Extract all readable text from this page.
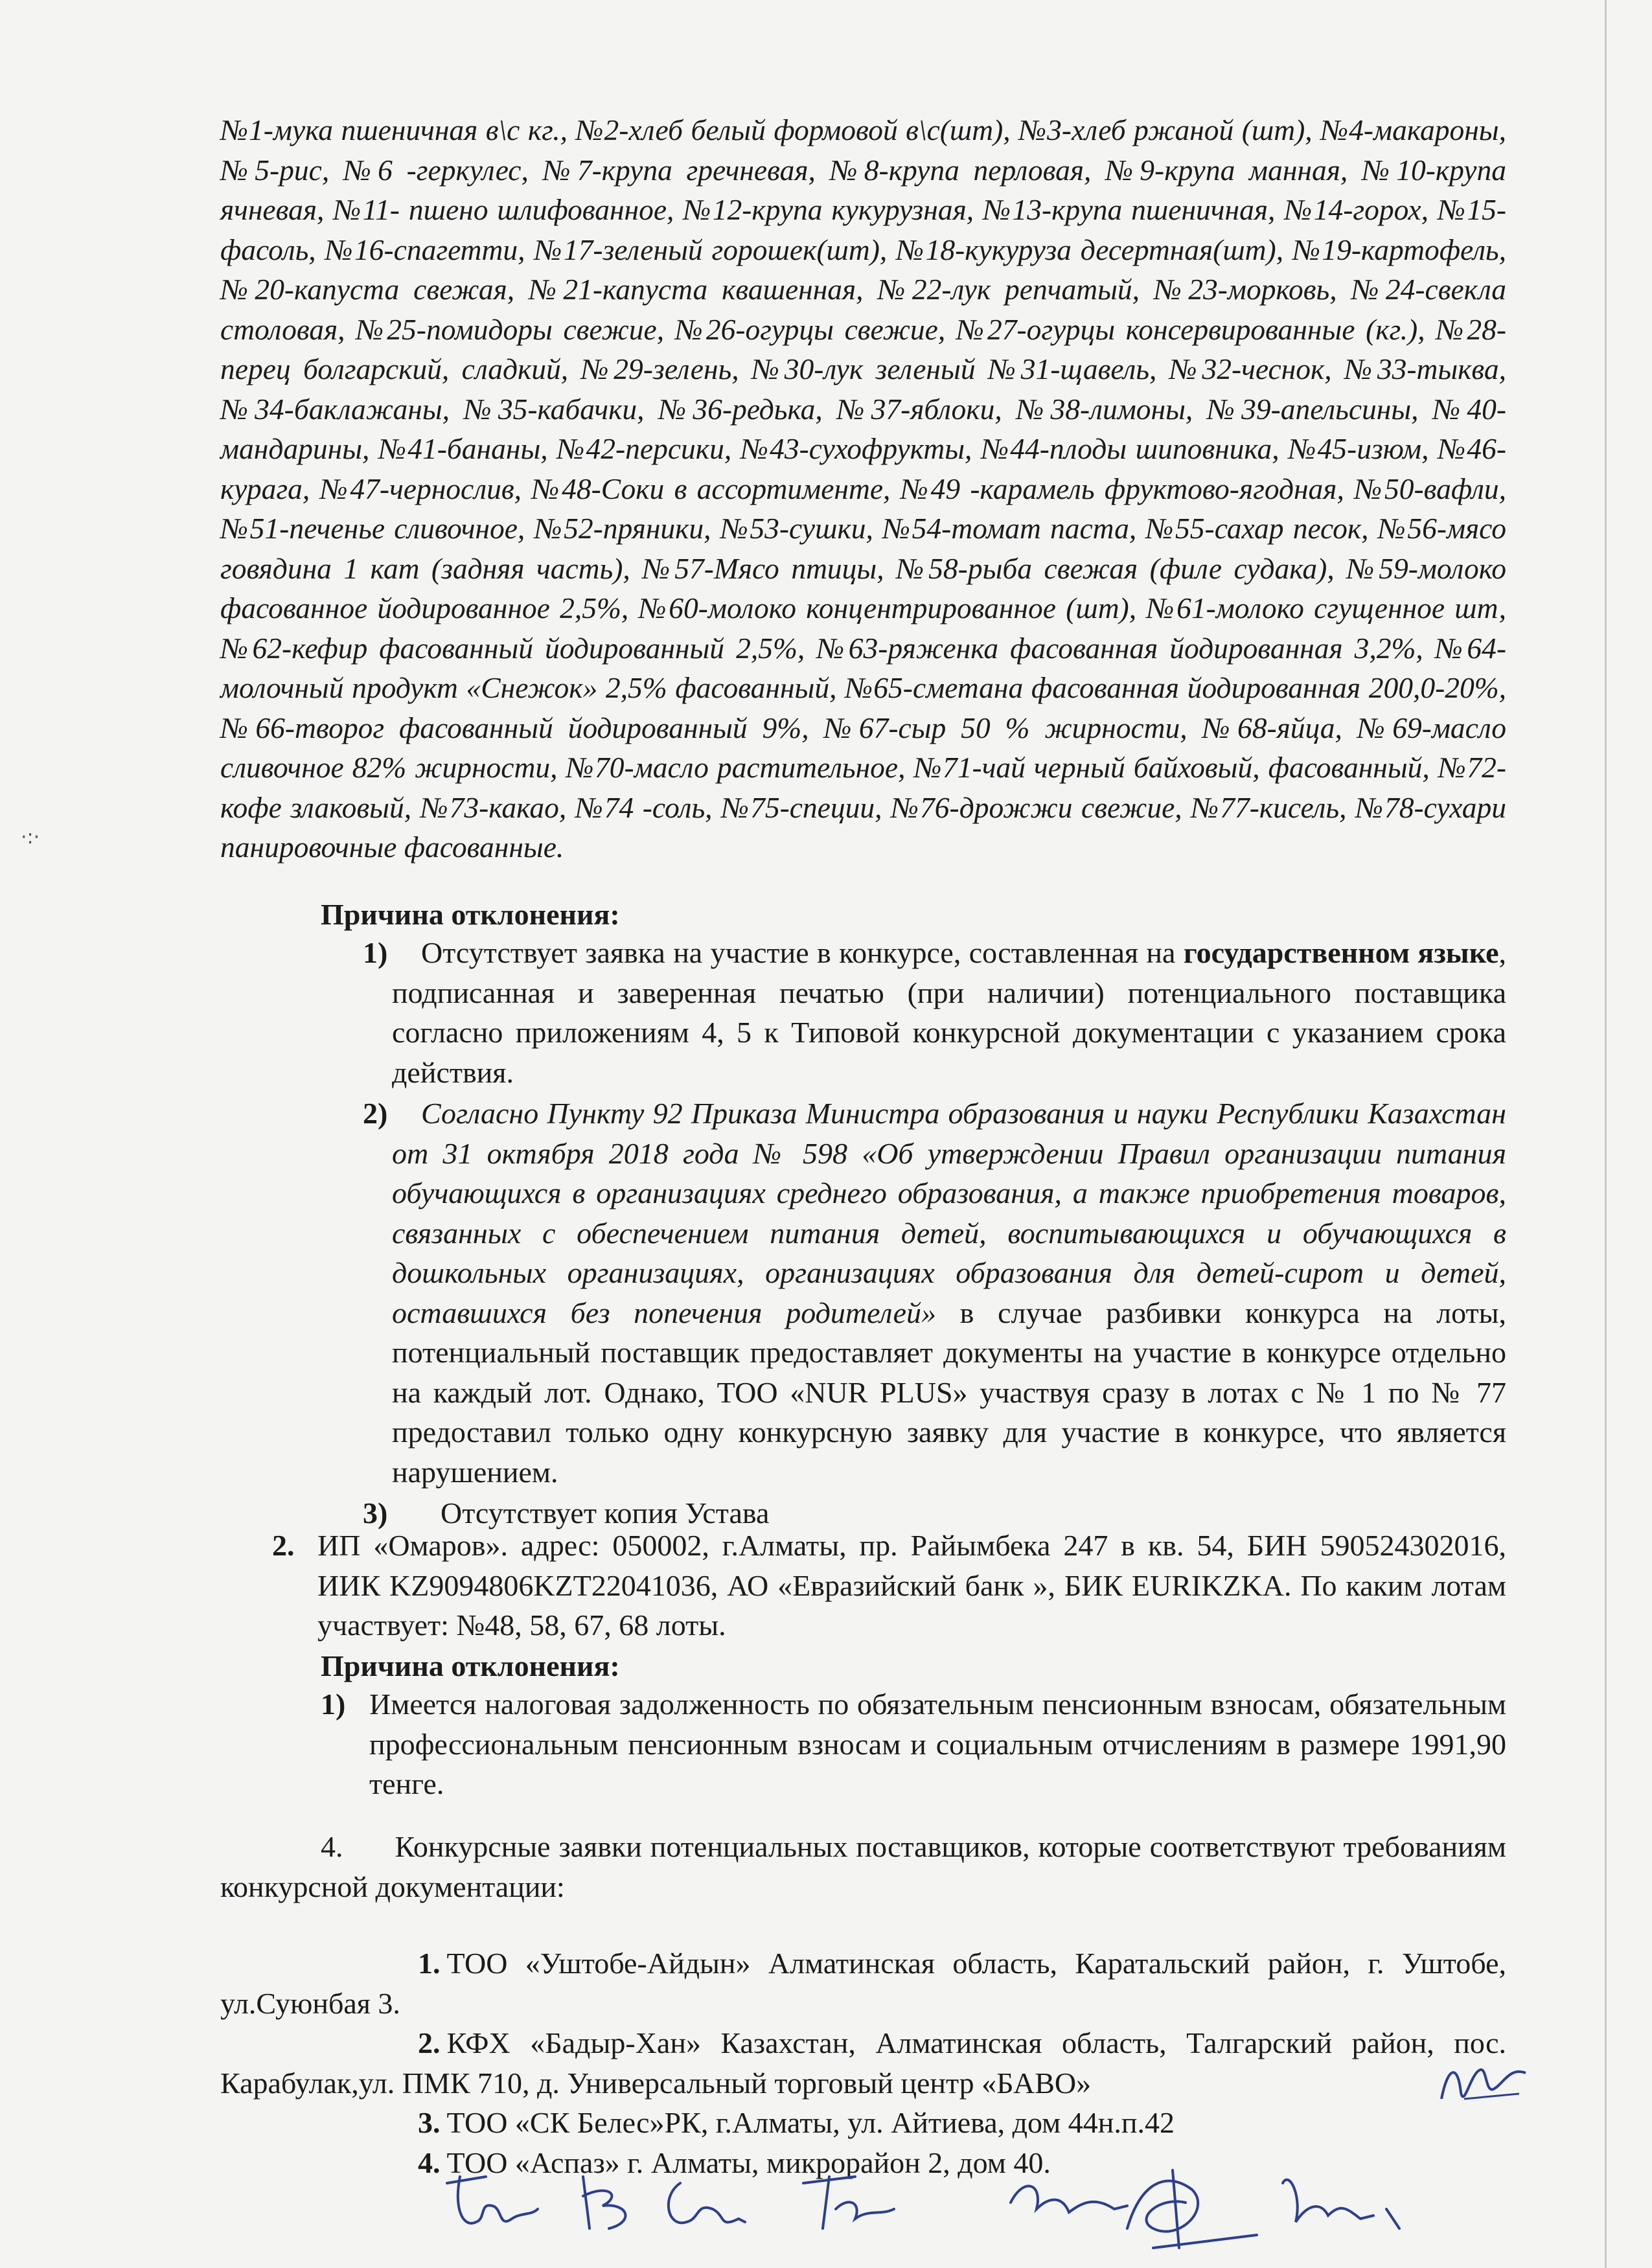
·:·

№1-мука пшеничная в\с кг., №2-хлеб белый формовой в\с(шт), №3-хлеб ржаной (шт), №4-макароны, №5-рис, №6 -геркулес, №7-крупа гречневая, №8-крупа перловая, №9-крупа манная, №10-крупа ячневая, №11- пшено шлифованное, №12-крупа кукурузная, №13-крупа пшеничная, №14-горох, №15-фасоль, №16-спагетти, №17-зеленый горошек(шт), №18-кукуруза десертная(шт), №19-картофель, №20-капуста свежая, №21-капуста квашенная, №22-лук репчатый, №23-морковь, №24-свекла столовая, №25-помидоры свежие, №26-огурцы свежие, №27-огурцы консервированные (кг.), №28-перец болгарский, сладкий, №29-зелень, №30-лук зеленый №31-щавель, №32-чеснок, №33-тыква, №34-баклажаны, №35-кабачки, №36-редька, №37-яблоки, №38-лимоны, №39-апельсины, №40-мандарины, №41-бананы, №42-персики, №43-сухофрукты, №44-плоды шиповника, №45-изюм, №46-курага, №47-чернослив, №48-Соки в ассортименте, №49 -карамель фруктово-ягодная, №50-вафли, №51-печенье сливочное, №52-пряники, №53-сушки, №54-томат паста, №55-сахар песок, №56-мясо говядина 1 кат (задняя часть), №57-Мясо птицы, №58-рыба свежая (филе судака), №59-молоко фасованное йодированное 2,5%, №60-молоко концентрированное (шт), №61-молоко сгущенное шт, №62-кефир фасованный йодированный 2,5%, №63-ряженка фасованная йодированная 3,2%, №64-молочный продукт «Снежок» 2,5% фасованный, №65-сметана фасованная йодированная 200,0-20%, №66-творог фасованный йодированный 9%, №67-сыр 50 % жирности, №68-яйца, №69-масло сливочное 82% жирности, №70-масло растительное, №71-чай черный байховый, фасованный, №72-кофе злаковый, №73-какао, №74 -соль, №75-специи, №76-дрожжи свежие, №77-кисель, №78-сухари панировочные фасованные.

Причина отклонения:

1) Отсутствует заявка на участие в конкурсе, составленная на государственном языке, подписанная и заверенная печатью (при наличии) потенциального поставщика согласно приложениям 4, 5 к Типовой конкурсной документации с указанием срока действия.
2) Согласно Пункту 92 Приказа Министра образования и науки Республики Казахстан от 31 октября 2018 года № 598 «Об утверждении Правил организации питания обучающихся в организациях среднего образования, а также приобретения товаров, связанных с обеспечением питания детей, воспитывающихся и обучающихся в дошкольных организациях, организациях образования для детей-сирот и детей, оставшихся без попечения родителей» в случае разбивки конкурса на лоты, потенциальный поставщик предоставляет документы на участие в конкурсе отдельно на каждый лот. Однако, ТОО «NUR PLUS» участвуя сразу в лотах с № 1 по № 77 предоставил только одну конкурсную заявку для участие в конкурсе, что является нарушением.
3) Отсутствует копия Устава
2. ИП «Омаров». адрес: 050002, г.Алматы, пр. Райымбека 247 в кв. 54, БИН 590524302016, ИИК KZ9094806KZT22041036, АО «Евразийский банк », БИК EURIKZKA. По каким лотам участвует: №48, 58, 67, 68 лоты.

Причина отклонения:

1) Имеется налоговая задолженность по обязательным пенсионным взносам, обязательным профессиональным пенсионным взносам и социальным отчислениям в размере 1991,90 тенге.
4. Конкурсные заявки потенциальных поставщиков, которые соответствуют требованиям конкурсной документации:
1. ТОО «Уштобе-Айдын» Алматинская область, Каратальский район, г. Уштобе, ул.Суюнбая 3.
2. КФХ «Бадыр-Хан» Казахстан, Алматинская область, Талгарский район, пос. Карабулак,ул. ПМК 710, д. Универсальный торговый центр «БАВО»
3. ТОО «СК Белес»РК, г.Алматы, ул. Айтиева, дом 44н.п.42
4. ТОО «Аспаз» г. Алматы, микрорайон 2, дом 40.
